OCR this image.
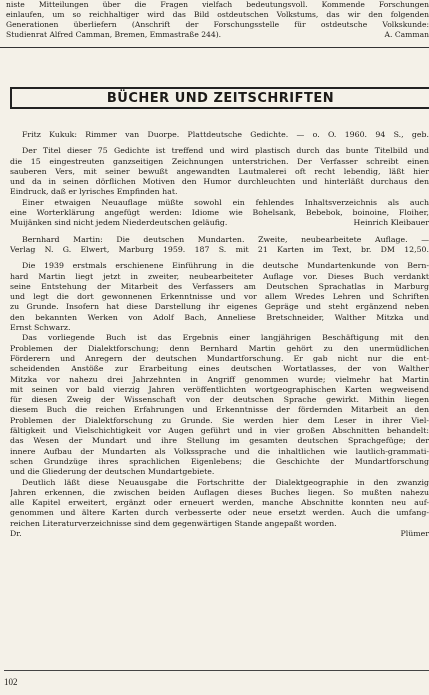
niste Mitteilungen über die Fragen vielfach bedeutungsvoll. Kommende Forschungen
einlaufen, um so reichhaltiger wird das Bild ostdeutschen Volkstums, das wir den folgenden
Generationen überliefern (Anschrift der Forschungsstelle für ostdeutsche Volkskunde:
Studienrat Alfred Camman, Bremen, Emmastraße 244).	A. Camman
BÜCHER UND ZEITSCHRIFTEN
Fritz Kukuk: Rimmer van Duorpe. Plattdeutsche Gedichte. — o. O. 1960. 94 S., geb.
Der Titel dieser 75 Gedichte ist treffend und wird plastisch durch das bunte Titelbild und
die 15 eingestreuten ganzseitigen Zeichnungen unterstrichen. Der Verfasser schreibt einen
sauberen Vers, mit seiner bewußt angewandten Lautmalerei oft recht lebendig, läßt hier
und da in seinen dörflichen Motiven den Humor durchleuchten und hinterläßt durchaus den
Eindruck, daß er lyrisches Empfinden hat.
Einer etwaigen Neuauflage müßte sowohl ein fehlendes Inhaltsverzeichnis als auch
eine Worterklärung angefügt werden: Idiome wie Bohelsank, Bebebok, boinoine, Floiher,
Muijänken sind nicht jedem Niederdeutschen geläufig.	Heinrich Kleibauer
Bernhard Martin: Die deutschen Mundarten. Zweite, neubearbeitete Auflage. —
Verlag N. G. Elwert, Marburg 1959. 187 S. mit 21 Karten im Text, br. DM 12,50.
Die 1939 erstmals erschienene Einführung in die deutsche Mundartenkunde von Bern-
hard Martin liegt jetzt in zweiter, neubearbeiteter Auflage vor. Dieses Buch verdankt
seine Entstehung der Mitarbeit des Verfassers am Deutschen Sprachatlas in Marburg
und legt die dort gewonnenen Erkenntnisse und vor allem Wredes Lehren und Schriften
zu Grunde. Insofern hat diese Darstellung ihr eigenes Gepräge und steht ergänzend neben
den bekannten Werken von Adolf Bach, Anneliese Bretschneider, Walther Mitzka und
Ernst Schwarz.
Das vorliegende Buch ist das Ergebnis einer langjährigen Beschäftigung mit den
Problemen der Dialektforschung; denn Bernhard Martin gehört zu den unermüdlichen
Förderern und Anregern der deutschen Mundartforschung. Er gab nicht nur die ent-
scheidenden Anstöße zur Erarbeitung eines deutschen Wortatlasses, der von Walther
Mitzka vor nahezu drei Jahrzehnten in Angriff genommen wurde; vielmehr hat Martin
mit seinen vor bald vierzig Jahren veröffentlichten wortgeographischen Karten wegweisend
für diesen Zweig der Wissenschaft von der deutschen Sprache gewirkt. Mithin liegen
diesem Buch die reichen Erfahrungen und Erkenntnisse der fördernden Mitarbeit an den
Problemen der Dialektforschung zu Grunde. Sie werden hier dem Leser in ihrer Viel-
fältigkeit und Vielschichtigkeit vor Augen geführt und in vier großen Abschnitten behandelt:
das Wesen der Mundart und ihre Stellung im gesamten deutschen Sprachgefüge; der
innere Aufbau der Mundarten als Volkssprache und die inhaltlichen wie lautlich-grammati-
schen Grundzüge ihres sprachlichen Eigenlebens; die Geschichte der Mundartforschung
und die Gliederung der deutschen Mundartgebiete.
Deutlich läßt diese Neuausgabe die Fortschritte der Dialektgeographie in den zwanzig
Jahren erkennen, die zwischen beiden Auflagen dieses Buches liegen. So mußten nahezu
alle Kapitel erweitert, ergänzt oder erneuert werden, manche Abschnitte konnten neu auf-
genommen und ältere Karten durch verbesserte oder neue ersetzt werden. Auch die umfang-
reichen Literaturverzeichnisse sind dem gegenwärtigen Stande angepaßt worden.
Dr. Plümer
102
